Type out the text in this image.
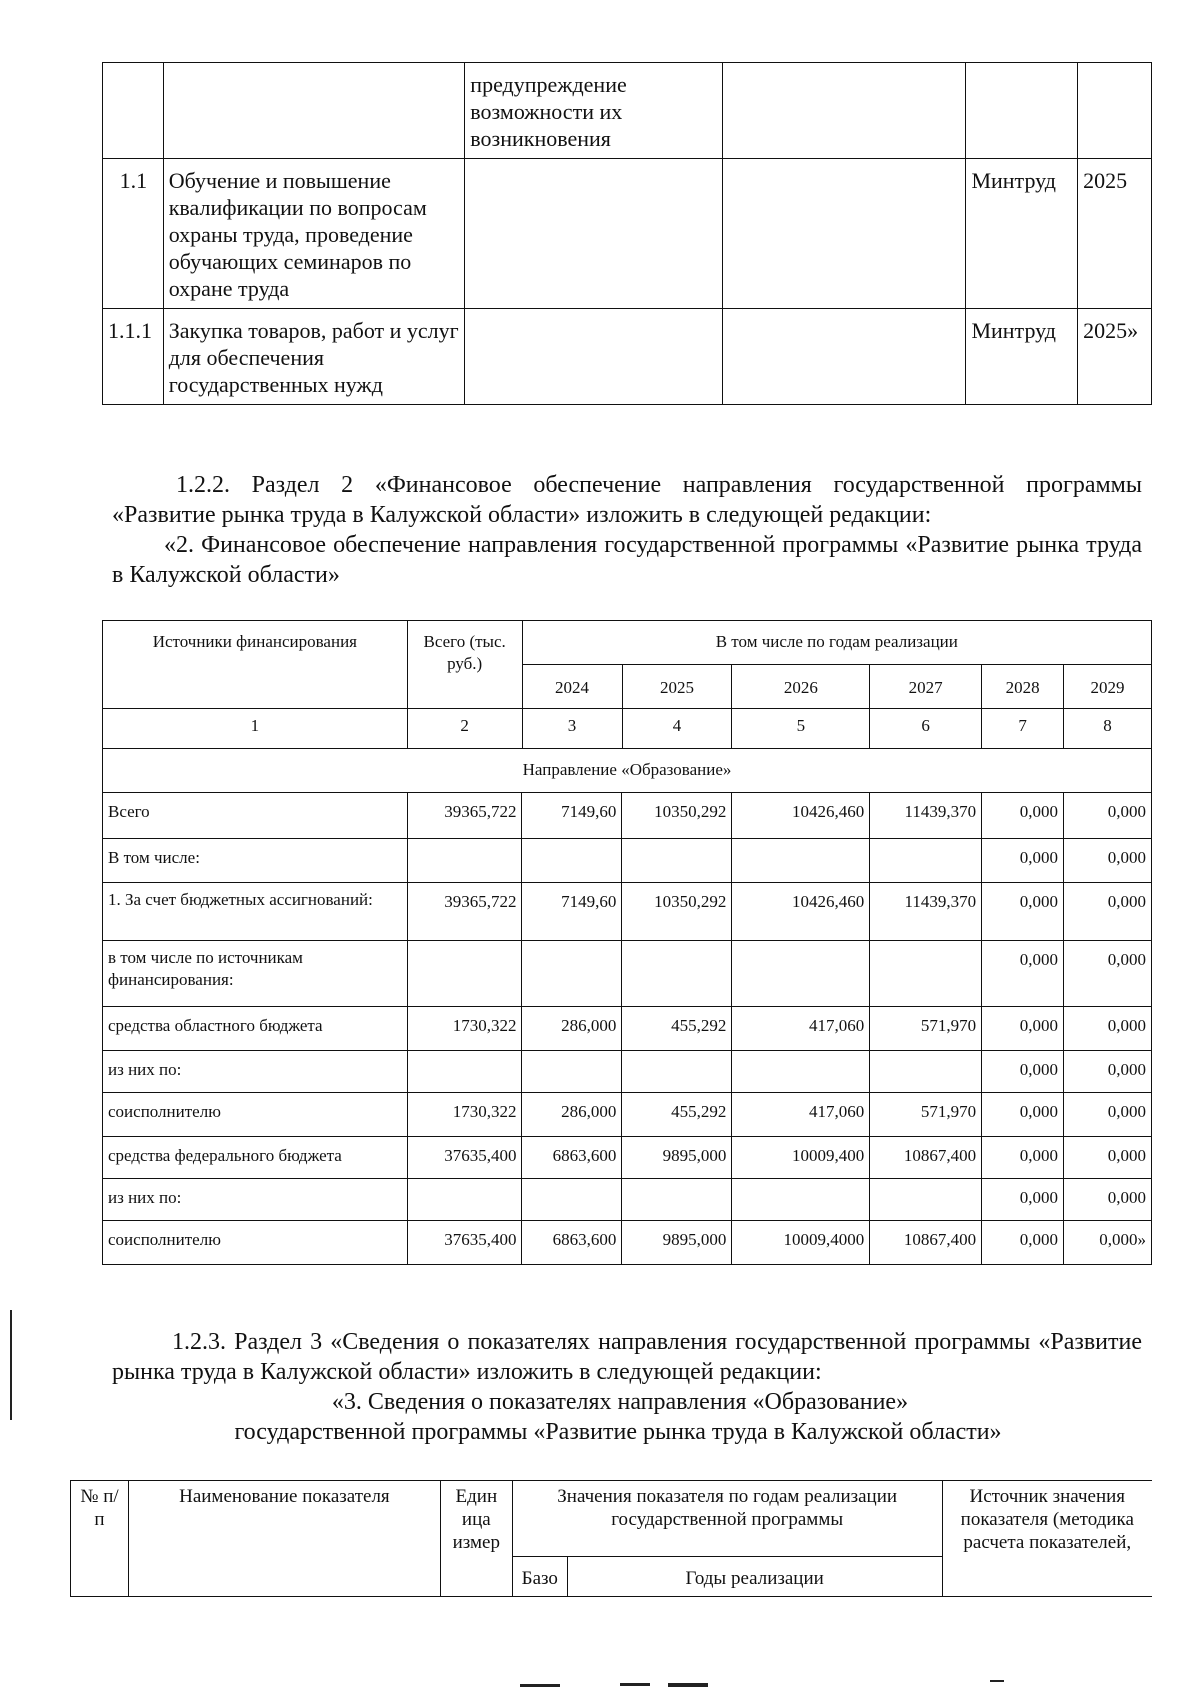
		предупреждение возможности их возникновения			
1.1	Обучение и повышение квалификации по вопросам охраны труда, проведение обучающих семинаров по охране труда			Минтруд	2025
1.1.1	Закупка товаров, работ и услуг для обеспечения государственных нужд			Минтруд	2025»
1.2.2. Раздел 2 «Финансовое обеспечение направления государственной программы «Развитие рынка труда в Калужской области» изложить в следующей редакции:
«2. Финансовое обеспечение направления государственной программы «Развитие рынка труда в Калужской области»
Источники финансирования	Всего (тыс. руб.)	В том числе по годам реализации					
		2024	2025	2026	2027	2028	2029
1	2	3	4	5	6	7	8
Направление «Образование»							
Всего	39365,722	7149,60	10350,292	10426,460	11439,370	0,000	0,000
В том числе:						0,000	0,000
1. За счет бюджетных ассигнований:	39365,722	7149,60	10350,292	10426,460	11439,370	0,000	0,000
в том числе по источникам финансирования:						0,000	0,000
средства областного бюджета	1730,322	286,000	455,292	417,060	571,970	0,000	0,000
из них по:						0,000	0,000
соисполнителю	1730,322	286,000	455,292	417,060	571,970	0,000	0,000
средства федерального бюджета	37635,400	6863,600	9895,000	10009,400	10867,400	0,000	0,000
из них по:						0,000	0,000
соисполнителю	37635,400	6863,600	9895,000	10009,4000	10867,400	0,000	0,000»
1.2.3. Раздел 3 «Сведения о показателях направления государственной программы «Развитие рынка труда в Калужской области» изложить в следующей редакции:
«3. Сведения о показателях направления «Образование»
государственной программы «Развитие рынка труда в Калужской области»
№ п/п	Наименование показателя	Един ица измер	Значения показателя по годам реализации государственной программы		Источник значения показателя (методика расчета показателей,
			Базо	Годы реализации	
